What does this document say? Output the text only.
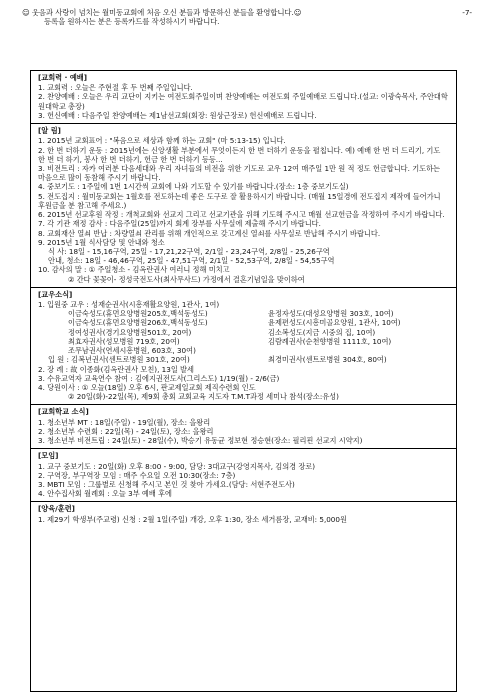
☺ 웃음과 사랑이 넘치는 월미동교회에 처음 오신 분들과 방문하신 분들을 환영합니다.☺	-7-
등록을 원하시는 분은 등록카드를 작성하시기 바랍니다.
[교회력 · 예배]
1. 교회력 : 오늘은 주현절 후 두 번째 주일입니다.
2. 찬양예배 : 오늘은 우리 교단이 지키는 여전도회주일이며 찬양예배는 여전도회 주일예배로 드립니다.(설교: 이광숙목사, 주안대학원대학교 총장)
3. 헌신예배 : 다음주일 찬양예배는 제1남선교회(회장: 원상근장로) 헌신예배로 드립니다.
[알 림]
1. 2015년 교회표어 : "복음으로 세상과 함께 하는 교회" (마 5:13-15) 입니다.
2. 한 번 더하기 운동 : 2015년에는 신앙생활 부분에서 무엇이든지 한 번 더하기 운동을 펼칩니다. 예) 예배 한 번 더 드리기, 기도 한 번 더 하기, 봉사 한 번 더하기, 헌금 한 번 더하기 등등...
3. 비전트리 : 자카 여러분 다음세대와 우리 자녀들의 비전을 위한 기도로 교우 12여 매주일 1만 원 적 정도 헌금합니다. 기도하는 마음으로 많이 동참해 주시기 바랍니다.
4. 중보기도 : 1주일에 1번 1시간씩 교회에 나와 기도할 수 있기를 바랍니다.(장소: 1층 중보기도실)
5. 전도집지 : 월미동교회는 1월호를 전도하는데 좋은 도구로 잘 활용하시기 바랍니다. (매월 15일경에 전도집지 제작에 들어가니 후원금을 분 참고해 주세요.)
6. 2015년 선교후원 작정 : 개척교회와 선교지 그리고 선교기관을 위해 기도해 주시고 매월 선교헌금을 작정하여 주시기 바랍니다.
7. 각 기관 재정 감사 : 다음주일(25일)까지 회계 장부를 사무실에 제출해 주시기 바랍니다.
8. 교회재산 열쇠 반납 : 차량열쇠 관리를 위해 개인적으로 갖고계신 열쇠를 사무실로 반납해 주시기 바랍니다.
9. 2015년 1월 식사담당 및 안내와 청소
식 사: 18일 - 15,16구역, 25일 - 17,21,22구역, 2/1일 - 23,24구역, 2/8일 - 25,26구역
안내, 청소: 18일 - 46,46구역, 25일 - 47,51구역, 2/1일 - 52,53구역, 2/8일 - 54,55구역
10. 감사의 말 : ① 주일청소 - 김옥란권사 여러니 정해 미치고
② 간다 꽃꽂이- 정성국전도사(최사무사드) 가정에서 결혼기념일을 맞이하여
[교우소식]
1. 입원중 교우 : 성재순권사(시흥재활요양원, 1관사, 1여)
이금숙성도(휴먼요양병원205호,백석동성도)	윤정자성도(대성요양병원 303호, 10여)
이금숙성도(휴먼요양병원206호,백석동성도)	윤제편성도(시흥미골요양원, 1관사, 10여)
정여성권사(경기요양병원501호, 20여)	김소복성도(지금 시중의 집, 10여)
최효자권사(성모병원 719호, 20여)	김람례권사(순천향병원 1111호, 10여)
조무남권사(연세시흥병원, 603호, 30여)
입 원 : 김복년권사(센트로병원 301호, 20여)	최경미권사(센트로병원 304호, 80여)
2. 장 례 : 故 이종화(김옥란권사 모친), 13일 발세
3. 수유교역자 교육연수 참여 : 김에지권전도사(그리스도) 1/19(월) - 2/6(금)
4. 당원이사 : ① 오늘(18일) 오후 6시, 판교제일교회 제직수련회 인도
② 20일(화)-22일(목), 제9회 총회 교회교육 지도자 T.M.T과정 세미나 참석(장소:유성)
[교회학교 소식]
1. 청소년부 MT : 18일(주일) - 19일(월), 장소: 을왕리
2. 청소년부 수련회 : 22일(목) - 24일(토), 장소: 을왕리
3. 청소년부 비전트립 : 24일(토) - 28일(수), 박승기 유동균 정보현 정승현(장소: 필리핀 선교지 시약지)
[모임]
1. 교구 중보기도 : 20일(화) 오후 8:00 - 9:00, 담당: 3대교구(강영지목사, 김의경 장로)
2. 구역장, 부구역장 모임 : 매주 수요일 오전 10:30(장소: 7층)
3. MBTI 모임 : 그룹별로 신청해 주시고 본인 것 찾아 가세요.(담당: 서현주전도사)
4. 안수집사회 월례회 : 오늘 3부 예배 후에
[양육/훈련]
1. 제29기 학생부(주교령) 신청 : 2월 1일(주일) 개강, 오후 1:30, 장소 세거름장, 교재비: 5,000원
